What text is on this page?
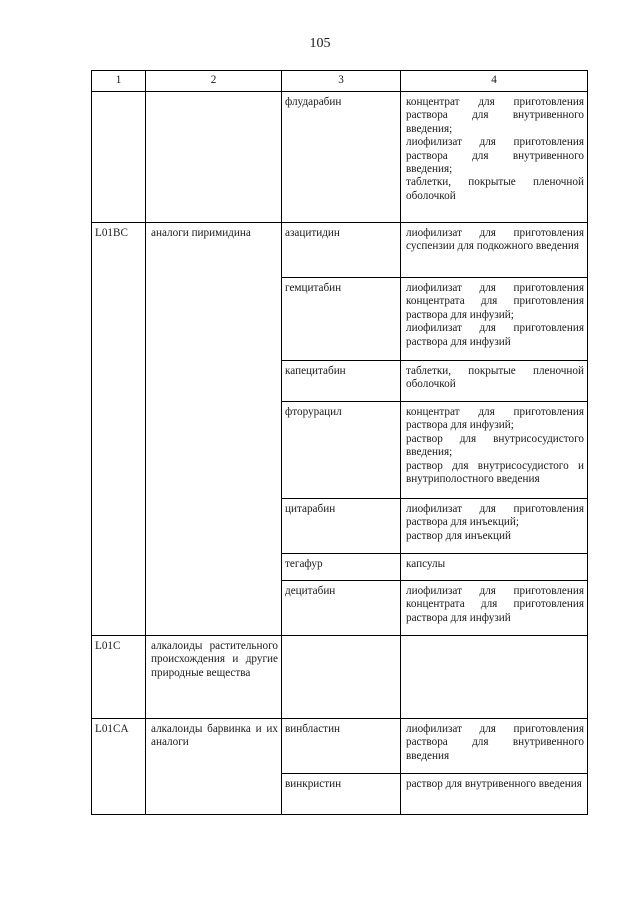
105
1	2	3	4
		флударабин	концентрат для приготовления раствора для внутривенного введения;

лиофилизат для приготовления раствора для внутривенного введения;

таблетки, покрытые пленочной оболочкой

L01BC	аналоги пиримидина	азацитидин	лиофилизат для приготовления суспензии для подкожного введения

		гемцитабин	лиофилизат для приготовления концентрата для приготовления раствора для инфузий;

лиофилизат для приготовления раствора для инфузий

		капецитабин	таблетки, покрытые пленочной оболочкой

		фторурацил	концентрат для приготовления раствора для инфузий;

раствор для внутрисосудистого введения;

раствор для внутрисосудистого и внутриполостного введения

		цитарабин	лиофилизат для приготовления раствора для инъекций;

раствор для инъекций

		тегафур	капсулы

		децитабин	лиофилизат для приготовления концентрата для приготовления раствора для инфузий

L01C	алкалоиды растительного происхождения и другие природные вещества		
L01CA	алкалоиды барвинка и их аналоги	винбластин	лиофилизат для приготовления раствора для внутривенного введения

		винкристин	раствор для внутривенного введения
